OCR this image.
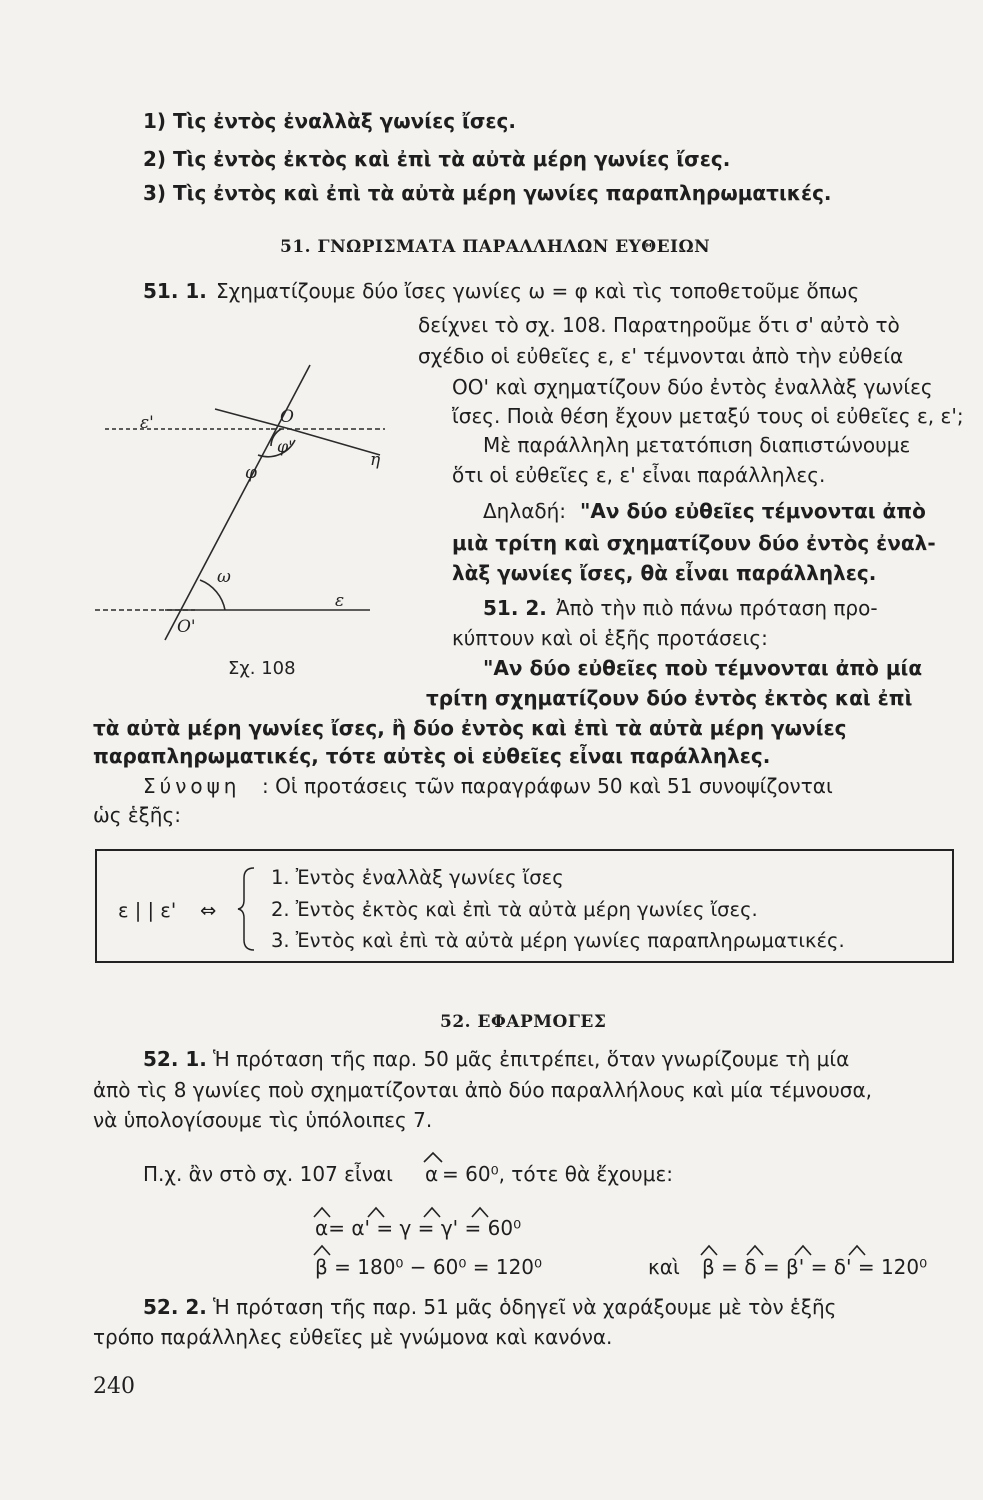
1) Τὶς ἐντὸς ἐναλλὰξ γωνίες ἴσες.
2) Τὶς ἐντὸς ἐκτὸς καὶ ἐπὶ τὰ αὐτὰ μέρη γωνίες ἴσες.
3) Τὶς ἐντὸς καὶ ἐπὶ τὰ αὐτὰ μέρη γωνίες παραπληρωματικές.
51. ΓΝΩΡΙΣΜΑΤΑ ΠΑΡΑΛΛΗΛΩΝ ΕΥΘΕΙΩΝ
51. 1. Σχηματίζουμε δύο ἴσες γωνίες ω = φ καὶ τὶς τοποθετοῦμε ὅπως
δείχνει τὸ σχ. 108. Παρατηροῦμε ὅτι σ' αὐτὸ τὸ
σχέδιο οἱ εὐθεῖες ε, ε' τέμνονται ἀπὸ τὴν εὐθεία
ΟΟ' καὶ σχηματίζουν δύο ἐντὸς ἐναλλὰξ γωνίες
ἴσες. Ποιὰ θέση ἔχουν μεταξύ τους οἱ εὐθεῖες ε, ε';
Μὲ παράλληλη μετατόπιση διαπιστώνουμε
ὅτι οἱ εὐθεῖες ε, ε' εἶναι παράλληλες.
Δηλαδή: "Αν δύο εὐθεῖες τέμνονται ἀπὸ
μιὰ τρίτη καὶ σχηματίζουν δύο ἐντὸς ἐναλ-
λὰξ γωνίες ἴσες, θὰ εἶναι παράλληλες.
51. 2. Ἀπὸ τὴν πιὸ πάνω πρόταση προ-
κύπτουν καὶ οἱ ἑξῆς προτάσεις:
"Αν δύο εὐθεῖες ποὺ τέμνονται ἀπὸ μία
τρίτη σχηματίζουν δύο ἐντὸς ἐκτὸς καὶ ἐπὶ
τὰ αὐτὰ μέρη γωνίες ἴσες, ἢ δύο ἐντὸς καὶ ἐπὶ τὰ αὐτὰ μέρη γωνίες
παραπληρωματικές, τότε αὐτὲς οἱ εὐθεῖες εἶναι παράλληλες.
Σύνοψη : Οἱ προτάσεις τῶν παραγράφων 50 καὶ 51 συνοψίζονται
ὡς ἑξῆς:
ε'	O
φ'
φ
η
ω
ε
O'
Σχ. 108
ε | | ε' ⇔
1. Ἐντὸς ἐναλλὰξ γωνίες ἴσες
2. Ἐντὸς ἐκτὸς καὶ ἐπὶ τὰ αὐτὰ μέρη γωνίες ἴσες.
3. Ἐντὸς καὶ ἐπὶ τὰ αὐτὰ μέρη γωνίες παραπληρωματικές.
52. ΕΦΑΡΜΟΓΕΣ
52. 1. Ἡ πρόταση τῆς παρ. 50 μᾶς ἐπιτρέπει, ὅταν γνωρίζουμε τὴ μία
ἀπὸ τὶς 8 γωνίες ποὺ σχηματίζονται ἀπὸ δύο παραλλήλους καὶ μία τέμνουσα,
νὰ ὑπολογίσουμε τὶς ὑπόλοιπες 7.
Π.χ. ἂν στὸ σχ. 107 εἶναι α = 60⁰, τότε θὰ ἔχουμε:
α= α' = γ = γ' = 60⁰
β = 180⁰ − 60⁰ = 120⁰	καὶ β = δ = β' = δ' = 120⁰
52. 2. Ἡ πρόταση τῆς παρ. 51 μᾶς ὁδηγεῖ νὰ χαράξουμε μὲ τὸν ἑξῆς
τρόπο παράλληλες εὐθεῖες μὲ γνώμονα καὶ κανόνα.
240
